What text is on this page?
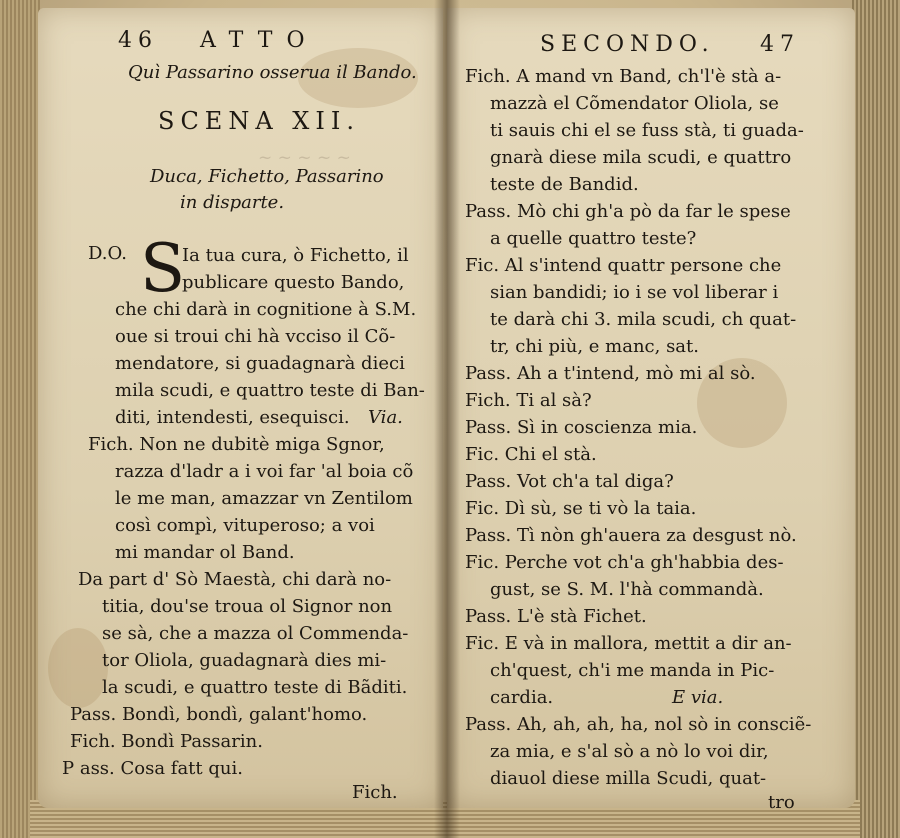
~ ~ ~ ~ ~
46 ATTO
Quì Passarino osserua il Bando.
SCENA XII.
Duca, Fichetto, Passarino
in disparte.
D.O. S
Ia tua cura, ò Fichetto, il
publicare questo Bando,
che chi darà in cognitione à S.M.
oue si troui chi hà vcciso il Cõ-
mendatore, si guadagnarà dieci
mila scudi, e quattro teste di Ban-
diti, intendesti, esequisci. Via.
Fich. Non ne dubitè miga Sgnor,
razza d'ladr a i voi far 'al boia cõ
le me man, amazzar vn Zentilom
così compì, vituperoso; a voi
mi mandar ol Band.
Da part d' Sò Maestà, chi darà no-
titia, dou'se troua ol Signor non
se sà, che a mazza ol Commenda-
tor Oliola, guadagnarà dies mi-
la scudi, e quattro teste di Bãditi.
Pass. Bondì, bondì, galant'homo.
Fich. Bondì Passarin.
P ass. Cosa fatt qui.
Fich.
SECONDO. 47
Fich. A mand vn Band, ch'l'è stà a-
mazzà el Cõmendator Oliola, se
ti sauis chi el se fuss stà, ti guada-
gnarà diese mila scudi, e quattro
teste de Bandid.
Pass. Mò chi gh'a pò da far le spese
a quelle quattro teste?
Fic. Al s'intend quattr persone che
sian bandidi; io i se vol liberar i
te darà chi 3. mila scudi, ch quat-
tr, chi più, e manc, sat.
Pass. Ah a t'intend, mò mi al sò.
Fich. Ti al sà?
Pass. Sì in coscienza mia.
Fic. Chi el stà.
Pass. Vot ch'a tal diga?
Fic. Dì sù, se ti vò la taia.
Pass. Tì nòn gh'auera za desgust nò.
Fic. Perche vot ch'a gh'habbia des-
gust, se S. M. l'hà commandà.
Pass. L'è stà Fichet.
Fic. E và in mallora, mettit a dir an-
ch'quest, ch'i me manda in Pic-
cardia.	E via.
Pass. Ah, ah, ah, ha, nol sò in consciẽ-
za mia, e s'al sò a nò lo voi dir,
diauol diese milla Scudi, quat-
tro
